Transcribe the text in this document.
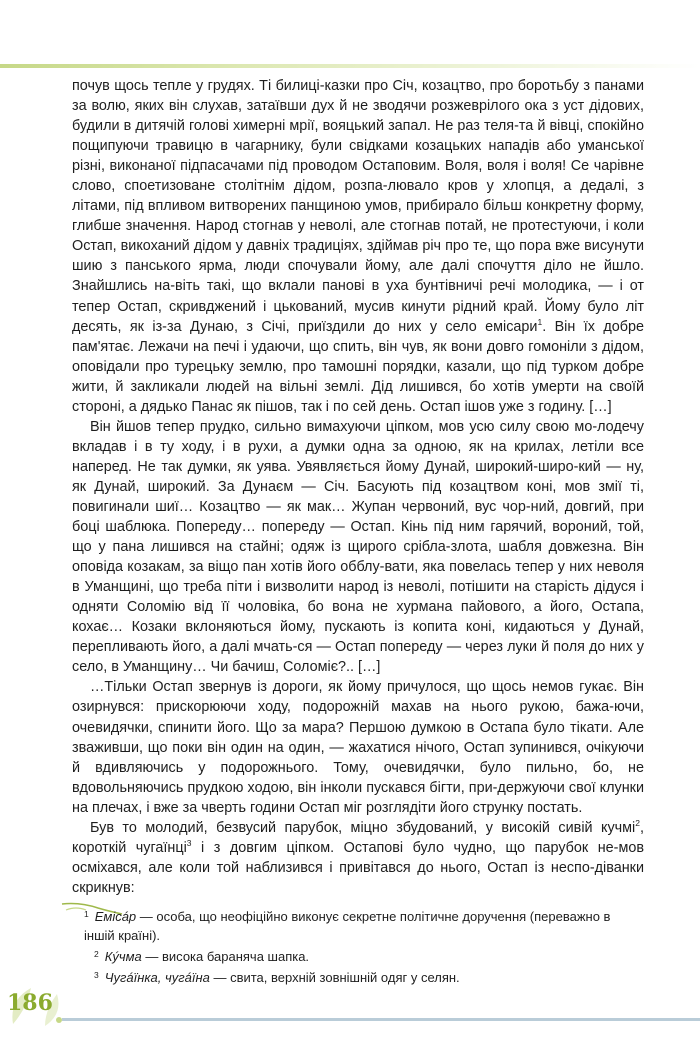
почув щось тепле у грудях. Ті билиці-казки про Січ, козацтво, про боротьбу з панами за волю, яких він слухав, затаївши дух й не зводячи розжеврілого ока з уст дідових, будили в дитячій голові химерні мрії, вояцький запал. Не раз теля-та й вівці, спокійно пощипуючи травицю в чагарнику, були свідками козацьких нападів або уманської різні, виконаної підпасачами під проводом Остаповим. Воля, воля і воля! Се чарівне слово, споетизоване столітнім дідом, розпа-лювало кров у хлопця, а дедалі, з літами, під впливом витворених панщиною умов, прибирало більш конкретну форму, глибше значення. Народ стогнав у неволі, але стогнав потай, не протестуючи, і коли Остап, викоханий дідом у давніх традиціях, здіймав річ про те, що пора вже висунути шию з панського ярма, люди спочували йому, але далі спочуття діло не йшло. Знайшлись на-віть такі, що вклали панові в уха бунтівничі речі молодика, — і от тепер Остап, скривджений і цькований, мусив кинути рідний край. Йому було літ десять, як із-за Дунаю, з Січі, приїздили до них у село емісари$^1$. Він їх добре пам'ятає. Лежачи на печі і удаючи, що спить, він чув, як вони довго гомоніли з дідом, оповідали про турецьку землю, про тамошні порядки, казали, що під турком добре жити, й закликали людей на вільні землі. Дід лишився, бо хотів умерти на своїй стороні, а дядько Панас як пішов, так і по сей день. Остап ішов уже з годину. […]

Він йшов тепер прудко, сильно вимахуючи ціпком, мов усю силу свою мо-лодечу вкладав і в ту ходу, і в рухи, а думки одна за одною, як на крилах, летіли все наперед. Не так думки, як уява. Увявляється йому Дунай, широкий-широ-кий — ну, як Дунай, широкий. За Дунаєм — Січ. Басують під козацтвом коні, мов змії ті, повигинали шиї… Козацтво — як мак… Жупан червоний, вус чор-ний, довгий, при боці шаблюка. Попереду… попереду — Остап. Кінь під ним гарячий, вороний, той, що у пана лишився на стайні; одяж із щирого срібла-злота, шабля довжезна. Він оповіда козакам, за віщо пан хотів його обблу-вати, яка повелась тепер у них неволя в Уманщині, що треба піти і визволити народ із неволі, потішити на старість дідуся і одняти Соломію від її чоловіка, бо вона не хурмана пайового, а його, Остапа, кохає… Козаки вклоняються йому, пускають із копита коні, кидаються у Дунай, перепливають його, а далі мчать-ся — Остап попереду — через луки й поля до них у село, в Уманщину… Чи бачиш, Соломіє?.. […]

…Тільки Остап звернув із дороги, як йому причулося, що щось немов гукає. Він озирнувся: прискорюючи ходу, подорожній махав на нього рукою, бажа-ючи, очевидячки, спинити його. Що за мара? Першою думкою в Остапа було тікати. Але зваживши, що поки він один на один, — жахатися нічого, Остап зупинився, очікуючи й вдивляючись у подорожнього. Тому, очевидячки, було пильно, бо, не вдовольняючись прудкою ходою, він інколи пускався бігти, при-держуючи свої клунки на плечах, і вже за чверть години Остап міг розглядіти його струнку постать.

Був то молодий, безвусий парубок, міцно збудований, у високій сивій кучмі$^2$, короткій чугаїнці$^3$ і з довгим ціпком. Остапові було чудно, що парубок не-мов осміхався, але коли той наблизився і привітався до нього, Остап із неспо-діванки скрикнув:

$^1$ Емісáр — особа, що неофіційно виконує секретне політичне доручення (переважно в іншій країні).

$^2$ Кýчма — висока бараняча шапка.

$^3$ Чугáïнка, чугáïна — свита, верхній зовнішній одяг у селян.

186
